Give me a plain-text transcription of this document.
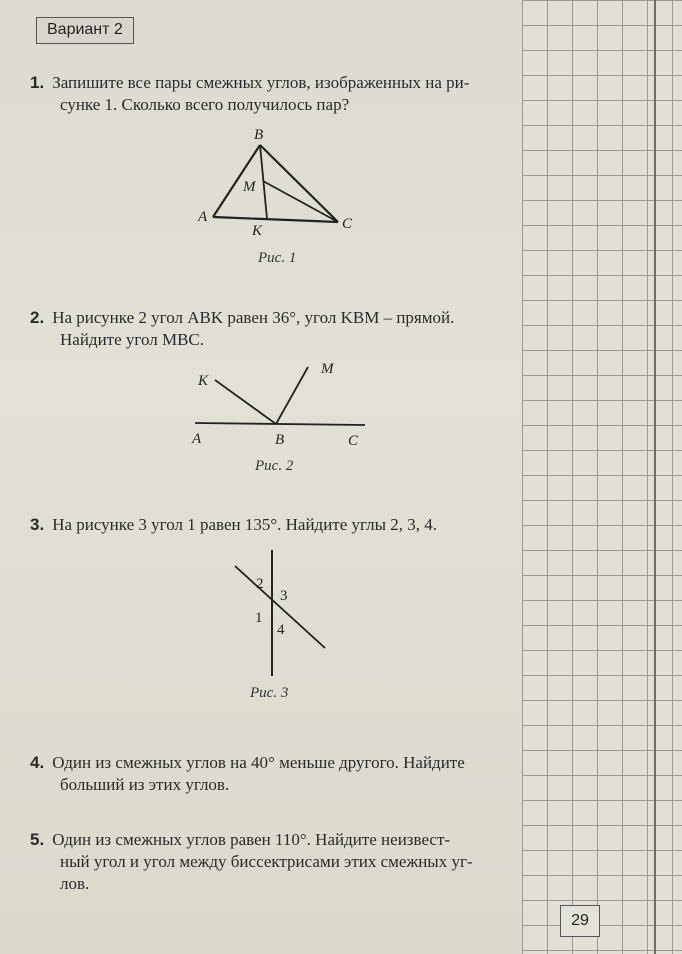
Вариант 2
1. Запишите все пары смежных углов, изображенных на ри-
сунке 1. Сколько всего получилось пар?
B
M
A
K	C
Рис. 1
2. На рисунке 2 угол ABK равен 36°, угол KBM – прямой.
Найдите угол MBC.
K
M
A	B	C
Рис. 2
3. На рисунке 3 угол 1 равен 135°. Найдите углы 2, 3, 4.
2
3
1
4
Рис. 3
4. Один из смежных углов на 40° меньше другого. Найдите
больший из этих углов.
5. Один из смежных углов равен 110°. Найдите неизвест-
ный угол и угол между биссектрисами этих смежных уг-
лов.
29
